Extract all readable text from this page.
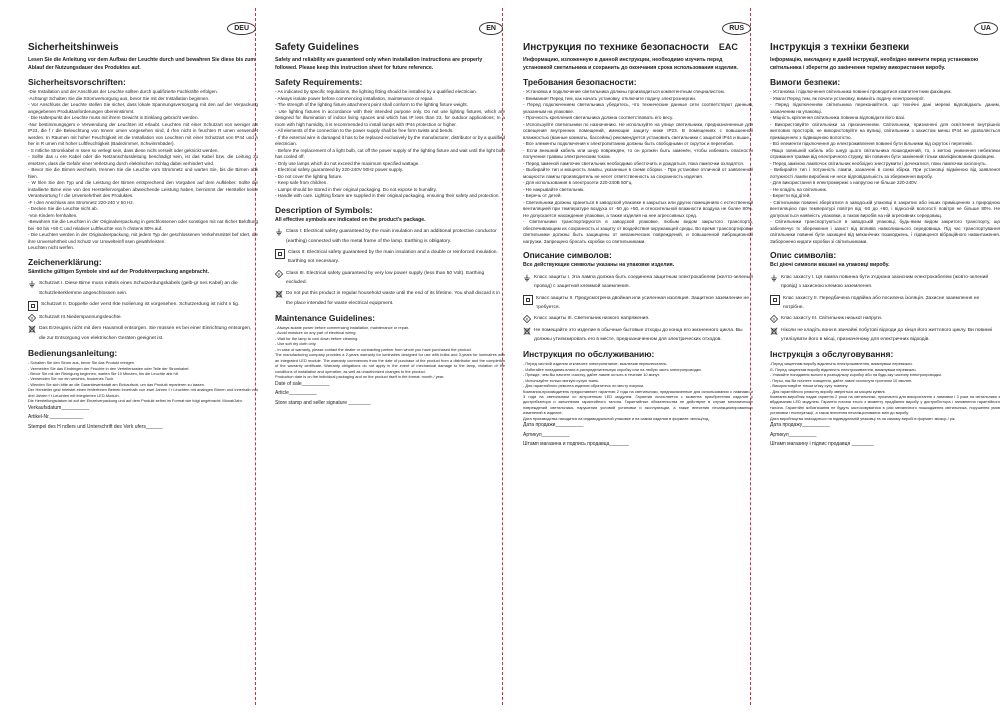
DEU
Sicherheitshinweis

Lesen Sie die Anleitung vor dem Aufbau der Leuchte durch und bewahren Sie diese bis zum Ablauf der Nutzungsdauer des Produktes auf.

Sicherheitsvorschriften:

-Die Installation und der Anschluss der Leuchte sollten durch qualifizierte Fachkräfte erfolgen.

-Achtung! Schalten Sie die Stromversorgung aus, bevor Sie mit der Installation beginnen.

- Vor Anschluss der Leuchte stellen Sie sicher, dass lokale Spannungsversorgung mit den auf der Verpackung angegebenen Produktanforderungen übereinstimmt.

- Die Halterpunkt der Leuchte muss mit ihrem Gewicht in Einklang gebracht werden.

-Nur bestimmungsgem e Verwendung der Leuchten ist erlaubt. Leuchten mit einer Schutzart von weniger als IP23, die f r die Beleuchtung von Innenr umen vorgesehen sind, d rfen nicht in feuchten R umen verwendet werden. In Räumen mit hoher Feuchtigkeit ist die Installation von Leuchten mit einer Schutzart von IP44 und h her in R umen mit hoher Luftfeuchtigkeit (Badezimmer, Schwimmbäder).

- S mtliche Stromkabel m ssen so verlegt sein, dass diese nicht verseilt oder geknickt werden.

- Sollte das u ere Kabel oder die Netzanschlussleitung beschädigt sein, ist das Kabel bzw. die Leitung zu ersetzen, dass die Gefahr einer Verletzung durch elektrischen Schlag dabei verhindert wird.

- Bevor Sie die Birnen wechseln, trennen Sie die Leuchte vom Stromnetz und warten Sie, bis die Birnen abk hlen.

- W hlen Sie den Typ und die Leistung der Birnen entsprechend den Vorgaben auf dem Aufkleber. Sollte die installierte Birne eine von den Herstellervorgaben abweichende Leistung haben, bernimmt der Hersteller keine Verantwortung f r die Unversehrtheit des Produktes.

-F r den Anschluss ans Stromnetz 220-240 V 50 Hz.

- Decken Sie die Leuchte nicht ab.

-Von Kindern fernhalten.

-Bewahren Sie die Leuchten in der Originalverpackung in geschlossenen oder sonstigen mit nat rlicher Belüftung bei -50 bis +50 C und relativer Luftfeuchte von h chstens 80% auf.

- Die Leuchten werden in der Originalverpackung, mit jedem Typ der geschlossenen Verkehrsmittel bef rdert, die ihre Unversehrtheit und Schutz vor Umwelteinfl ssen gewährleisten.

Leuchten nicht werfen.

Zeichenerklärung:

Sämtliche gültigen Symbole sind auf der Produktverpackung angebracht.

Schutzart I. Diese Birne muss mittels eines Schutzerdungskabels (gelb-gr nes Kabel) an die Schutzleiterklemme angeschlossen sein.
Schutzart II. Doppelte oder verst rkte Isolierung ist vorgesehen. Schutzerdung ist nicht n tig.
III Schutzart III.Niederspannungsleuchte.
Das Erzeugnis nicht mit dem Hausmüll entsorgen. Sie müssen es bei einer Einrichtung entsorgen, die zur Entsorgung von elektrischen Geräten geeignet ist.
Bedienungsanleitung:

- Schalten Sie den Strom aus, bevor Sie das Produkt reinigen.

- Vermeiden Sie das Eindringen der Feuchte in den Verteilerkasten oder Teile der Stromkabel.

- Bevor Sie mit der Reinigung beginnen, warten Sie 10 Minuten, bis die Leuchte abk hlt.

- Verwenden Sie nur ein weiches, trockenes Tuch.

- Wenden Sie sich bitte an die Garantiewerkstatt am Einkaufsort, um das Produkt reparieren zu lassen.

Der Hersteller gew hrleistet einen fehlerfreien Betrieb innerhalb von zwei Jahren f r Leuchten mit analogen Birnen und innerhalb von drei Jahren f r Leuchten mit integrierten LED-Moduln.

Die Herstellungsdatum ist auf der Einzelverpackung und auf dem Produkt selbst im Format wie folgt angebracht: Monat/Jahr.

Verkaufsdatum__________

Artikel-Nr.____________

Stempel des H ndlers und Unterschrift des Verk ufers______

EN
Safety Guidelines

Safety and reliability are guaranteed only when installation instructions are properly followed. Please keep this instruction sheet for future reference.

Safety Requirements:

- As indicated by specific regulations, the lighting fitting should be installed by a qualified electrician.

- Always isolate power before commencing installation, maintenance or repair.

- The strength of the lighting fixture attachment point shall conform to the lighting fixture weight.

- Use lighting fixtures in accordance with their intended purpose only. Do not use lighting fixtures, which are designed for illumination of indoor living spaces and which has IP less than 23, for outdoor applications; In a room with high humidity, it is recommended to install lamps with IP44 protection or higher.

- All elements of the connection to the power supply shall be free form twists and bends.

- If the external wire is damaged it has to be replaced exclusively by the manufacturer, distributor or by a qualified electrician.

- Before the replacement of a light bulb, cut off the power supply of the lighting fixture and wait until the light bulb has cooled off.

- Only use lamps which do not exceed the maximum specified wattage.

- Electrical safety guaranteed by 220-240V 50Hz power supply.

- Do not cover the lighting fixture.

- Keep safe from children.

- Lamps should be stored in their original packaging. Do not expose to humidity.

- Handle with care. Lighting fixture are supplied in their original packaging, ensuring their safety and protection.

Description of Symbols:

All effective symbols are indicated on the product's package.

Class I: Electrical safety guaranteed by the main insulation and an additional protective conductor (earthing) connected with the metal frame of the lamp. Earthing is obligatory.
Class II: Electrical safety guaranteed by the main insulation and a double or reinforced insulation. Earthing not necessary.
III Class III. Electrical safety guaranteed by very low power supply (less than 50 Volt). Earthing excluded.
Do not put this product in regular household waste until the end of its lifetime. You shall discard it in the place intended for waste electrical equipment.
Maintenance Guidelines:

- Always isolate power before commencing installation, maintenance or repair.

- Avoid moisture on any part of electrical wiring.

- Wait for the lamp to cool down before cleaning.

- Use soft dry cloth only.

- In case of warranty, please contact the dealer or contracting partner from whom you have purchased the product.

The manufacturing company provides a 2-years warranty for luminaires designed for use with bulbs and 3-years for luminaires with an integrated LED module. The warranty commences from the date of purchase of the product from a distributor and the completion of the warranty certificate. Warranty obligations do not apply in the event of mechanical damage to the lamp, violation of the conditions of installation and operation, as well as unauthorized changes to the product.

Production date is on the individual packaging and on the product itself in the format: month / year.

Date of sale__________

Article__________

Store stamp and seller signature ________

RUS
Инструкция по технике безопасности EAC

Информацию, изложенную в данной инструкции, необходимо изучить перед установкой светильника и сохранить до окончания срока использования изделия.

Требования безопасности:

- Установка и подключение светильника должны производиться компетентным специалистом.

- Внимание! Перед тем, как начать установку, отключите подачу электроэнергии.

- Перед подключением светильника убедитесь, что технические данные сети соответствуют данным, указанным на упаковке.

- Прочность крепления светильника должна соответствовать его весу.

- Используйте светильники по назначению. Не используйте на улице светильники, предназначенные для освещения внутренних помещений, имеющие защиту ниже IP23. В помещениях с повышенной влажностью (ванные комнаты, бассейны) рекомендуется установить светильники с защитой IP44 и выше.

- Все элементы подключения к электропитанию должны быть свободными от скруток и перегибов.

- Если внешний кабель или шнур повреждён, то он должен быть заменён, чтобы избежать опасности получения травмы электрическим током.

- Перед заменой лампочек светильник необходимо обесточить и дождаться, пока лампочки охладятся.

- Выбирайте тип и мощность лампы, указанные в схеме сборки. - При установке отличной от заявленной мощности лампы производитель не несет ответственность за сохранность изделия.

- Для использования в электросети 220-240В 50Гц.

- Не накрывайте светильник.

- Беречь от детей.

- Светильники должны храниться в заводской упаковке в закрытых или других помещениях с естественной вентиляцией при температуре воздуха от -50 до +50, и относительной влажности воздуха не более 80%. Не допускается нахождение упаковки, а также изделия на нее агрессивных сред.

- Светильники транспортируются в заводской упаковке, любым видом закрытого транспорта, обеспечивающим их сохранность и защиту от воздействия окружающей среды. Во время транспортировки светильники должны быть защищены от механических повреждений, и повышенной вибрационной нагрузки. Запрещено бросать коробки со светильниками.

Описание символов:

Все действующие символы указаны на упаковке изделия.

Класс защиты I. Эта лампа должна быть соединена защитным электрокабелем (желто-зеленый провод) с защитной клеммой заземления.
Класс защиты II. Предусмотрена двойная или усиленная изоляция. Защитное заземление не требуется.
III Класс защиты III. Светильник низкого напряжения.
Не помещайте это изделие в обычные бытовые отходы до конца его жизненного цикла. Вы должны утилизировать его в месте, предназначенном для электрических отходов.
Инструкция по обслуживанию:

- Перед чисткой изделия отключите электропитание, выключив переключатель.

- Избегайте попадания влаги в распределительную коробку или на любую часть электропроводки.

- Прежде, чем Вы начнете очистку, дайте лампе остыть в течение 10 минут.

- Используйте только мягкую сухую ткань.

- Для гарантийного ремонта изделия обратитесь по месту покупки.

Компания-производитель предоставляет гарантию 2 года на светильники, предназначенные для использования с лампами и 3 года на светильники со встроенным LED модулем. Гарантия исчисляется с момента приобретения изделия у дистрибьютора и заполнения гарантийного талона. Гарантийные обязательства не действуют в случае механических повреждений светильника, нарушения условий установки и эксплуатации, а также внесения несанкционированных изменений в изделие.

Дата производства находится на индивидуальной упаковке и на самом изделии в формате: месяц/год.

Дата продажи__________

Артикул__________

Штамп магазина и подпись продавца_______

UA
Інструкція з техніки безпеки

Інформацію, викладену в даній інструкції, необхідно вивчити перед установкою світильника і зберегти до закінчення терміну використання виробу.

Вимоги безпеки:

- Установка і підключення світильника повинні проводитися компетентним фахівцем.

- Увага! Перед тим, як почати установку, вимкніть подачу електроенергії.

- Перед підключенням світильника переконайтеся, що технічні дані мережі відповідають даним, зазначеним на упаковці.

- Міцність кріплення світильника повинна відповідати його вазі.

- Використовуйте світильники за призначенням. Світильники, призначені для освітлення внутрішніх житлових просторів, не використовуйте на вулиці, світильники з захистом менш IP44 не дозволяється приміщеннях з підвищеною вологістю.

- Всі елементи підключення до електроживлення повинні бути вільними від скруток і перегинів.

-Якщо зовнішній кабель або шнур цього світильника пошкоджений, то, з метою уникнення небезпеки отримання травми від електричного струму, він повинен бути замінений тільки кваліфікованим фахівцем.

- Перед заміною лампочок світильник необхідно знеструмити і дочекатися, поки лампочки охолонуть.

- Вибирайте тип і потужність лампи, зазначені в схемі збірки. При установці відмінною від заявленої потужності лампи виробник не несе відповідальність за збереження виробу.

- Для використання в електромережі з напругою не більше 220-240V.

- Не кладіть на світильник.

- Берегти від дітей.

- Світильники повинні зберігатися в заводській упаковці в закритих або інших приміщеннях з природною вентиляцією при температурі повітря від -50 до +60, і відносній вологості повітря не більше 80%. Не допускається наявність упаковки, а також виробів на ній агресивних середовищ.

- Світильники транспортуються в заводській упаковці, будь-яким видом закритого транспорту, що забезпечує їх збереження і захист від впливів навколишнього середовища. Під час транспортування світильники повинні бути захищені від механічних пошкоджень, і підвищеної вібраційного навантаження. Заборонено кидати коробки зі світильниками.

Опис символів:

Всі діючі символи вказані на упаковці виробу.

Клас захисту I. Ця лампа повинна бути з'єднана захисним електрокабелем (жовто-зелений провід) з захисною клемою заземлення.
Клас захисту II. Передбачена подвійна або посилена ізоляція. Захисне заземлення не потрібне.
III Клас захисту III. Світильник низької напруги.
Ніколи не кладіть вони в звичайні побутові відходи до кінця його життєвого циклу. Ви повинні утилізувати його в місці, призначеному для електричних відходів.
Інструкція з обслуговування:

-Перед чищенням виробу відключіть електроживлення, вимкнувши перемикач.

Є- Перед чищенням виробу відключіть електроживлення, вимкнувши перемикач.

- Уникайте попадання вологи в розподільну коробку або на будь-яку частину електропроводки.

- Перш, ніж Ви почнете очищення, дайте лампі охолонути протягом 10 хвилин.

- Використовуйте тільки м'яку суху тканину.

- Для гарантійного ремонту виробу зверніться за місцем купівлі.

Компанія-виробник надає гарантію 2 роки на світильники, призначені для використання з лампами і 3 роки на світильники з вбудованим LED модулем. Гарантія почина ється з моменту придбання виробу у дистриб'ютора і заповнення гарантійного талона. Гарантійні зобов'язання не будуть застосовуватися в разі механічного пошкодження світильника, порушення умов установки і експлуатації, а також внесення несанкціонованих змін до виробу.

Дата виробництва знаходиться на індивідуальній упаковці та на самому виробі в форматі: місяць / рік.

Дата продажу__________

Артикул__________

Штамп магазину і підпис продавця ________
